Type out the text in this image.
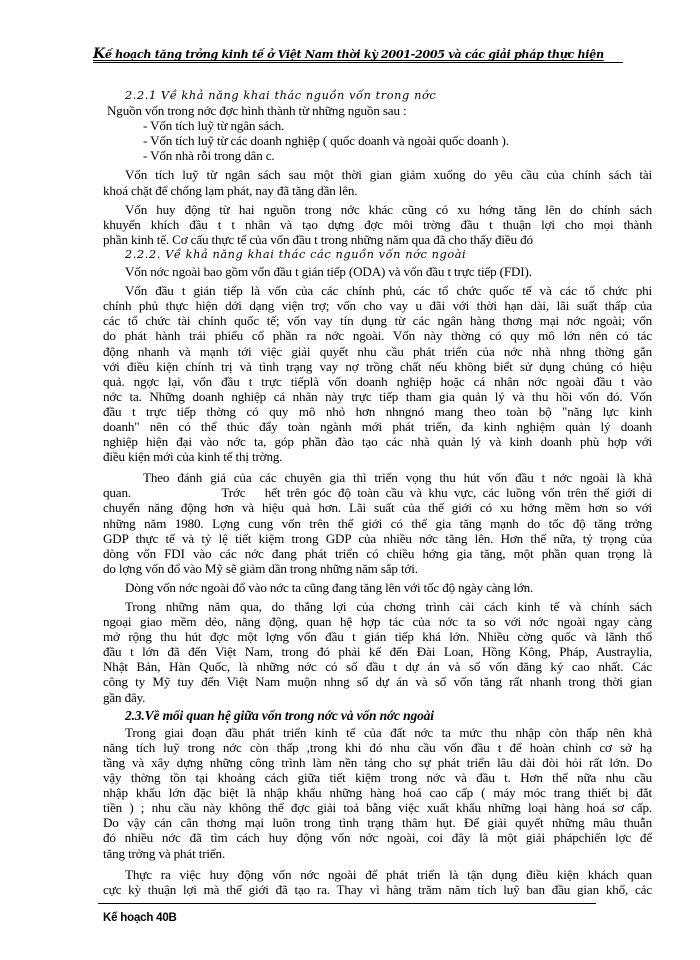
Kế hoạch tăng trởng kinh tế ở Việt Nam thời kỳ 2001-2005 và các giải pháp thực hiện
2.2.1 Về khả năng khai thác nguồn vốn trong nớc
Nguồn vốn trong nớc đợc hình thành từ những nguồn sau :
- Vốn tích luỹ từ ngân sách.
- Vốn tích luỹ từ các doanh nghiệp ( quốc doanh và ngoài quốc doanh ).
- Vốn nhà rỗi trong dân c.
Vốn tích luỹ từ ngân sách sau một thời gian giảm xuống do yêu cầu của chính sách tài
khoá chặt để chống lạm phát, nay đã tăng dần lên.
Vốn huy động từ hai nguồn trong nớc khác cũng có xu hớng tăng lên do chính sách
khuyến khích đầu t t nhân và tạo dựng đợc môi trờng đầu t thuận lợi cho mọi thành
phần kinh tế. Cơ cấu thực tế của vốn đầu t trong những năm qua đã cho thấy điều đó
2.2.2. Về khả năng khai thác các nguồn vốn nớc ngoài
Vốn nớc ngoài bao gồm vốn đầu t gián tiếp (ODA) và vốn đầu t trực tiếp (FDI).
Vốn đầu t gián tiếp là vốn của các chính phủ, các tổ chức quốc tế và các tổ chức phi
chính phủ thực hiện dới dạng viện trợ; vốn cho vay u đãi với thời hạn dài, lãi suất thấp của
các tổ chức tài chính quốc tế; vốn vay tín dụng từ các ngân hàng thơng mại nớc ngoài; vốn
do phát hành trái phiếu cổ phần ra nớc ngoài. Vốn này thờng có quy mô lớn nên có tác
động nhanh và mạnh tới việc giải quyết nhu cầu phát triển của nớc nhà nhng thờng gắn
với điều kiện chính trị và tình trạng vay nợ trồng chất nếu không biết sử dụng chúng có hiệu
quả. ngợc lại, vốn đầu t trực tiếplà vốn doanh nghiệp hoặc cá nhân nớc ngoài đầu t vào
nớc ta. Những doanh nghiệp cá nhân này trực tiếp tham gia quản lý và thu hồi vốn đó. Vốn
đầu t trực tiếp thờng có quy mô nhỏ hơn nhngnó mang theo toàn bộ "năng lực kinh
doanh" nên có thể thúc đẩy toàn ngành mới phát triển, đa kinh nghiệm quản lý doanh
nghiệp hiện đại vào nớc ta, góp phần đào tạo các nhà quản lý và kinh doanh phù hợp với
điều kiện mới của kinh tế thị trờng.
Theo đánh giá của các chuyên gia thì triển vọng thu hút vốn đầu t nớc ngoài là khả
quan.              Trớc   hết trên góc độ toàn cầu và khu vực, các luồng vốn trên thế giới di
chuyển năng động hơn và hiệu quả hơn. Lãi suất của thế giới có xu hớng mềm hơn so với
những năm 1980. Lợng cung vốn trên thế giới có thể gia tăng mạnh do tốc độ tăng trởng
GDP thực tế và tỷ lệ tiết kiệm trong GDP của nhiều nớc tăng lên. Hơn thế nữa, tỷ trọng của
dòng vốn FDI vào các nớc đang phát triển có chiều hớng gia tăng, một phần quan trọng là
do lợng vốn đổ vào Mỹ sẽ giảm dần trong những năm sắp tới.
Dòng vốn nớc ngoài đổ vào nớc ta cũng đang tăng lên với tốc độ ngày càng lớn.
Trong những năm qua, do thắng lợi của chơng trình cải cách kinh tế và chính sách
ngoại giao mềm dẻo, năng động, quan hệ hợp tác của nớc ta so với nớc ngoài ngay càng
mở rộng thu hút đợc một lợng vốn đầu t gián tiếp khá lớn. Nhiều cờng quốc và lãnh thổ
đầu t lớn đã đến Việt Nam, trong đó phải kể đến Đài Loan, Hồng Kông, Pháp, Austraylia,
Nhật Bản, Hàn Quốc, là những nớc có số đầu t dự án và số vốn đăng ký cao nhất. Các
công ty Mỹ tuy đến Việt Nam muộn nhng số dự án và số vốn tăng rất nhanh trong thời gian
gần đây.
2.3.Về mối quan hệ giữa vốn trong nớc và vốn nớc ngoài
Trong giai đoạn đầu phát triển kinh tế của đất nớc ta mức thu nhập còn thấp nên khả
năng tích luỹ trong nớc còn thấp ,trong khi đó nhu cầu vốn đầu t để hoàn chỉnh cơ sở hạ
tầng và xây dựng những công trình làm nền tảng cho sự phát triển lâu dài đòi hỏi rất lớn. Do
vậy thờng tồn tại khoảng cách giữa tiết kiệm trong nớc và đầu t. Hơn thế nữa nhu cầu
nhập khẩu lớn đặc biệt là nhập khẩu những hàng hoá cao cấp ( máy móc trang thiết bị đắt
tiền ) ; nhu cầu này không thể đợc giải toả bằng việc xuất khẩu những loại hàng hoá sơ cấp.
Do vậy cán cân thơng mại luôn trong tình trạng thâm hụt. Để giải quyết những mâu thuẫn
đó nhiều nớc đã tìm cách huy động vốn nớc ngoài, coi đây là một giải phápchiến lợc để
tăng trởng và phát triển.
Thực ra việc huy động vốn nớc ngoài để phát triển là tận dụng điều kiện khách quan
cực kỳ thuận lợi mà thế giới đã tạo ra. Thay vì hàng trăm năm tích luỹ ban đầu gian khổ, các
Kế hoạch 40B
